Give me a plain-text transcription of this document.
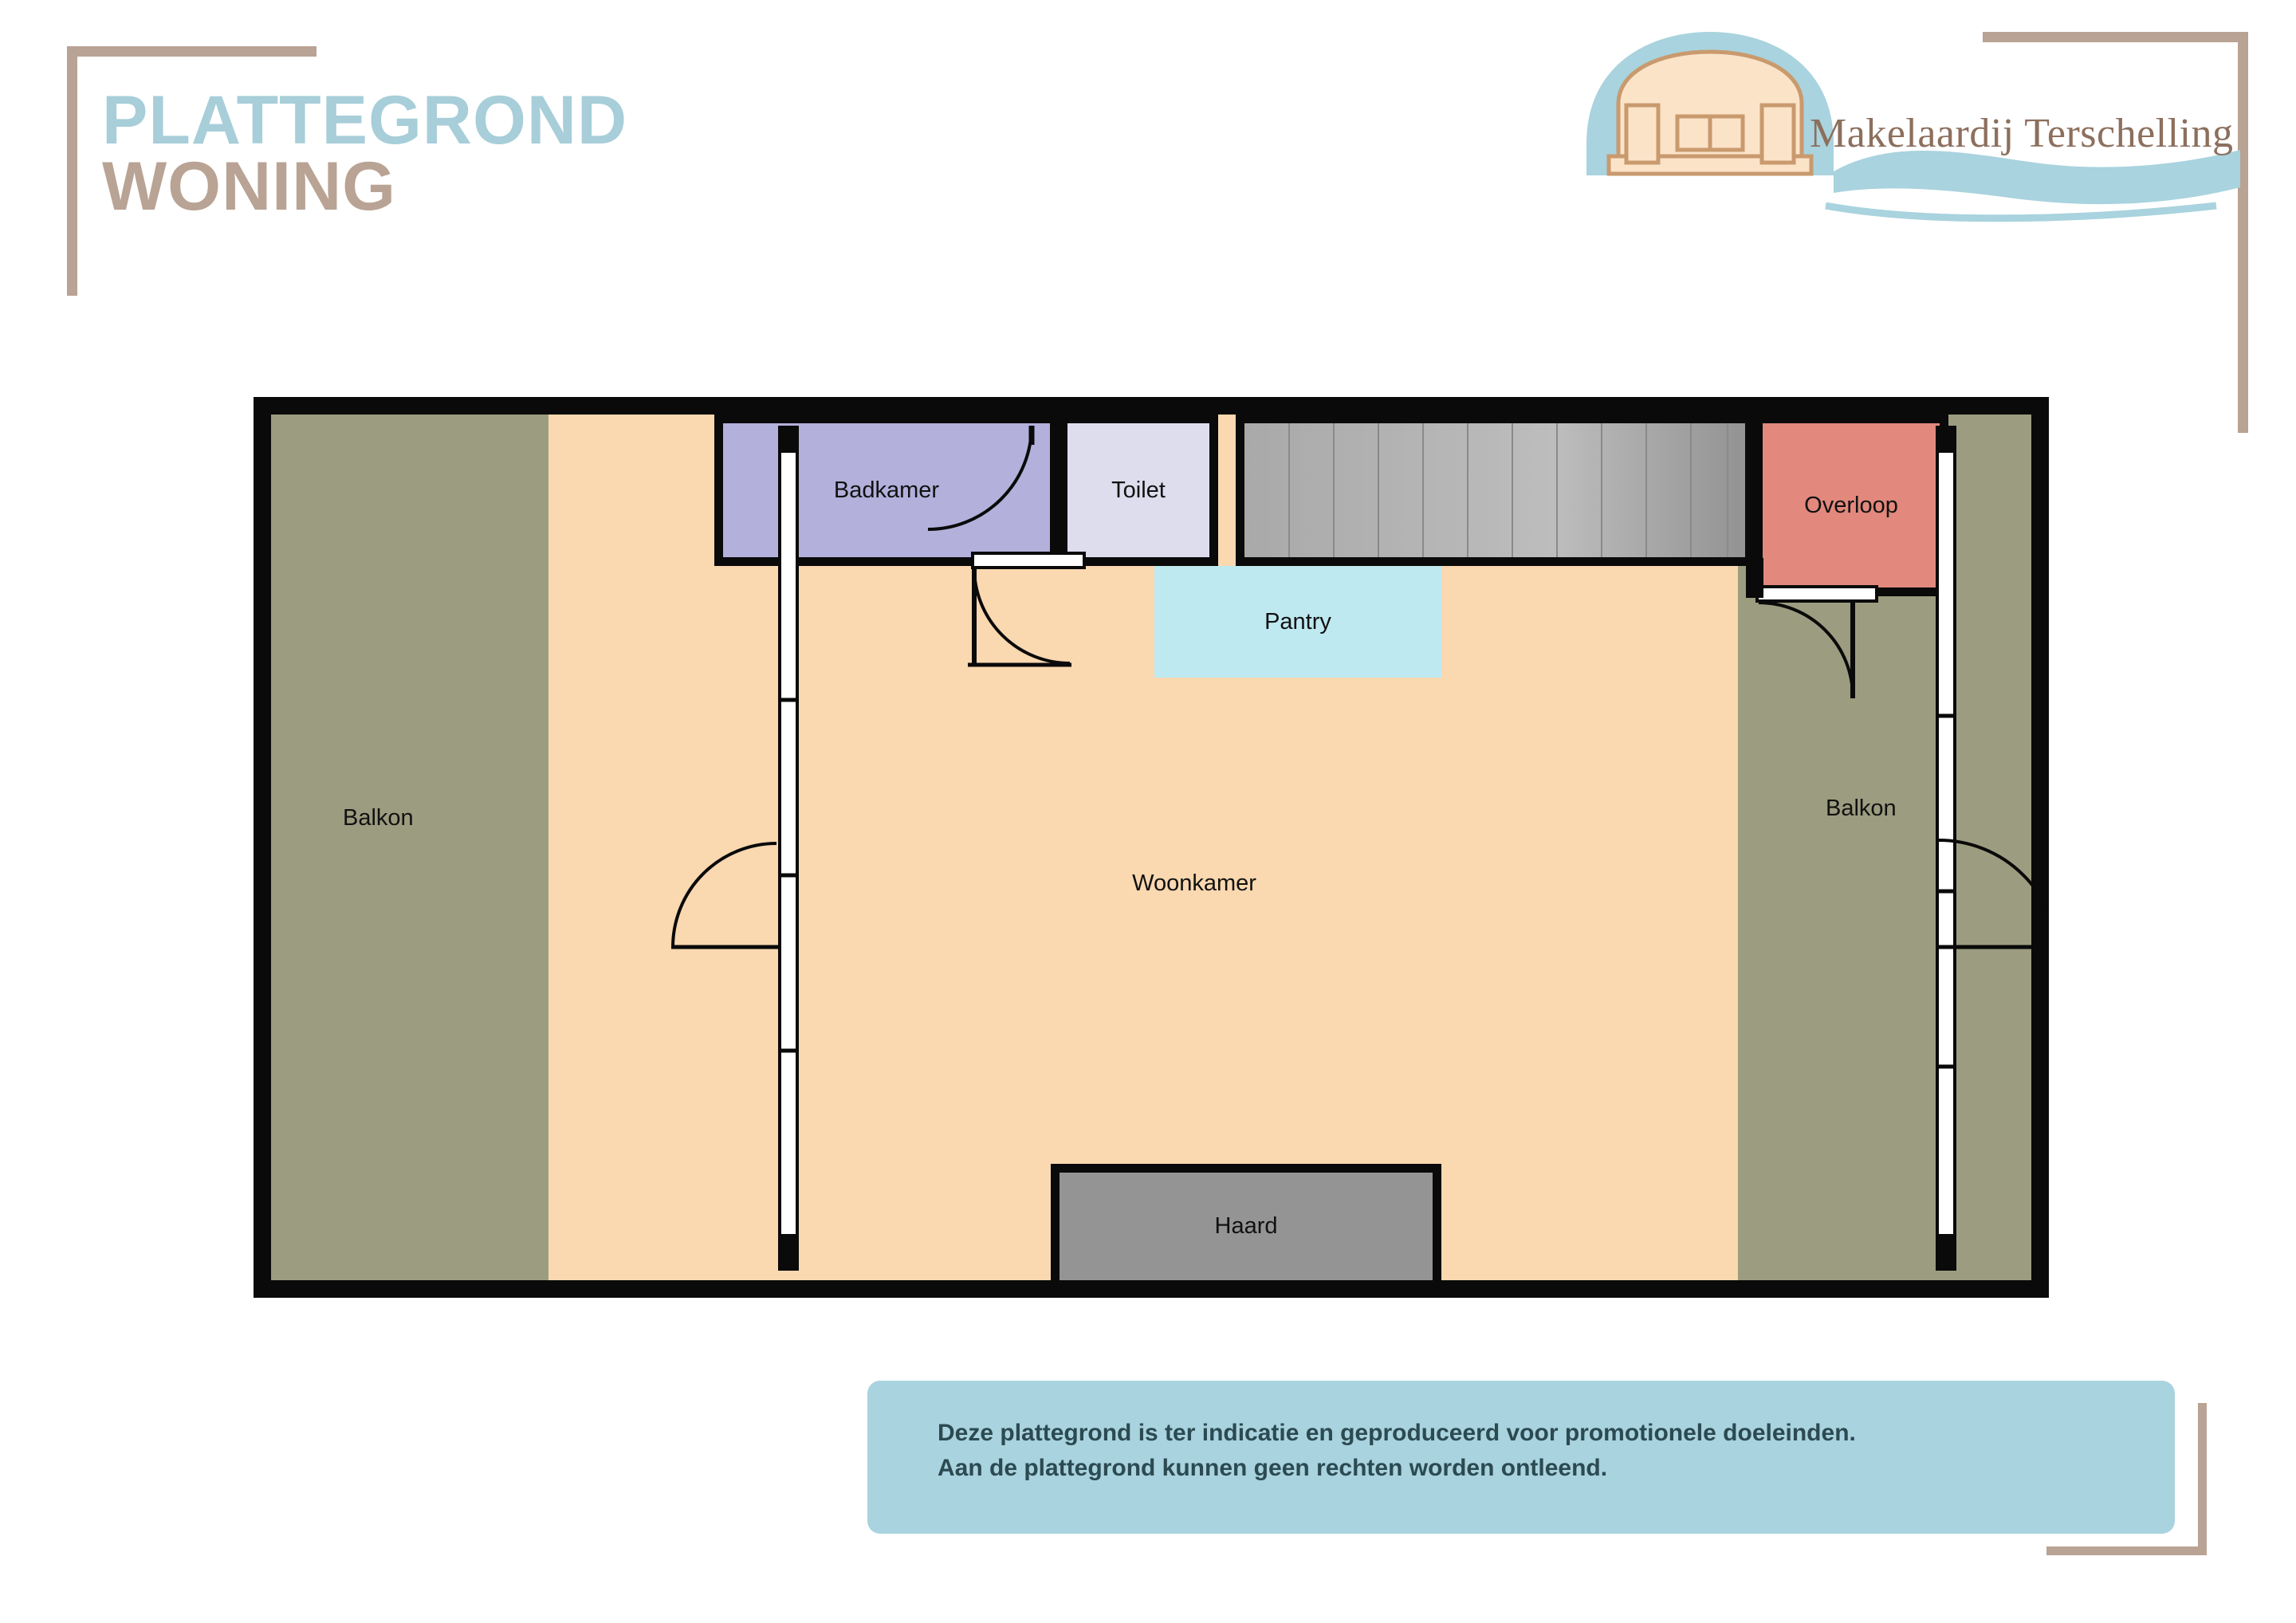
PLATTEGROND
WONING
Makelaardij Terschelling
Balkon	Balkon
Badkamer	Toilet
Overloop
Pantry
Woonkamer
Haard
Deze plattegrond is ter indicatie en geproduceerd voor promotionele doeleinden.
Aan de plattegrond kunnen geen rechten worden ontleend.
